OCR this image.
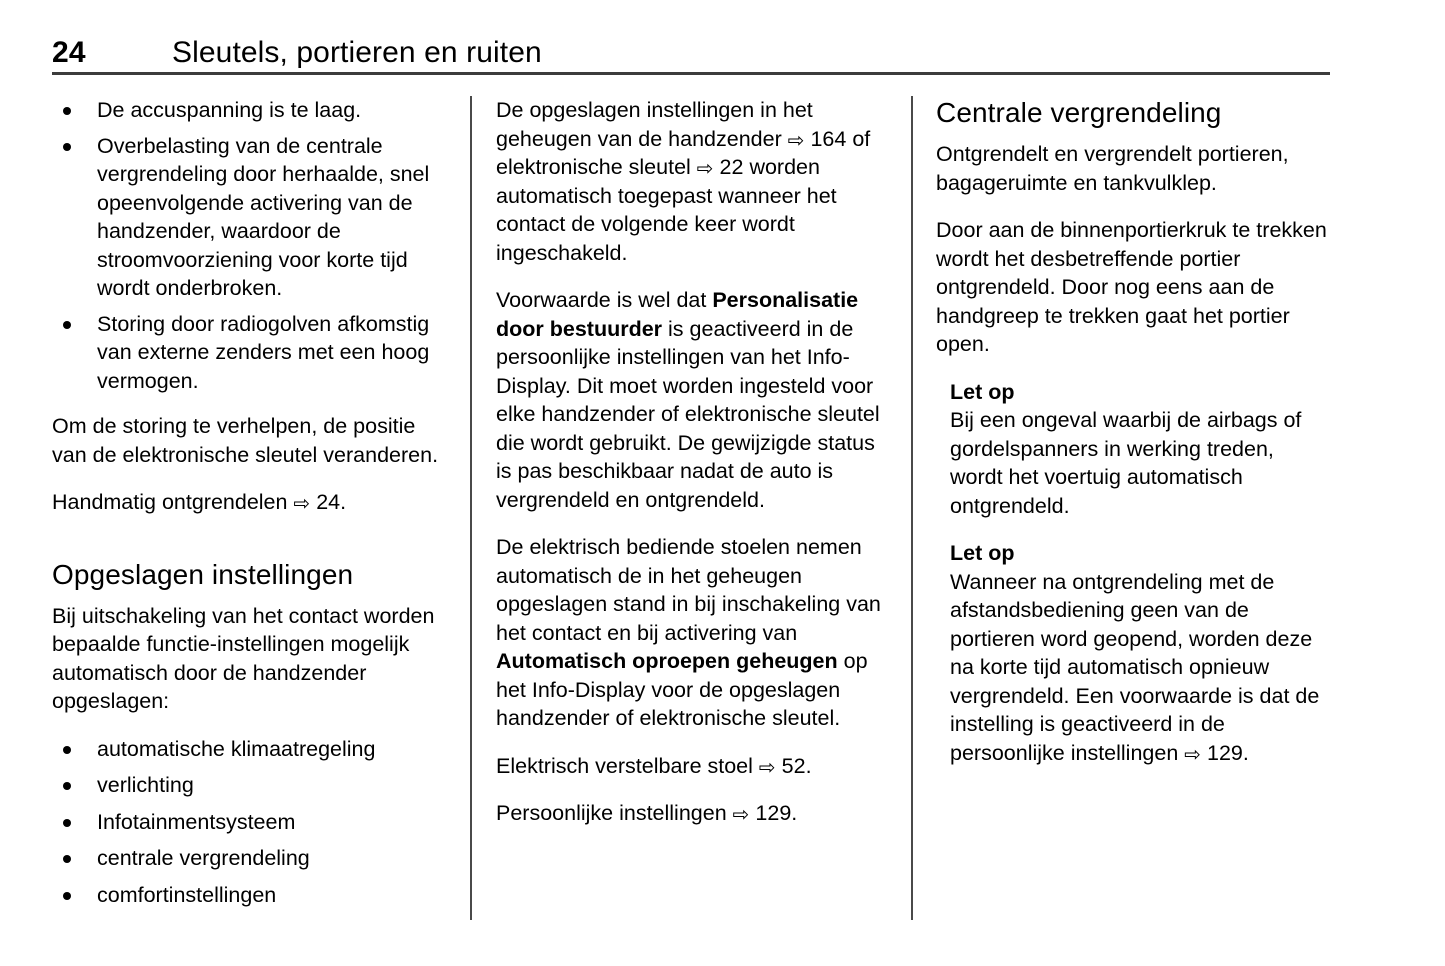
24	Sleutels, portieren en ruiten
De accuspanning is te laag.
Overbelasting van de centrale vergrendeling door herhaalde, snel opeenvolgende activering van de handzender, waardoor de stroomvoorziening voor korte tijd wordt onderbroken.
Storing door radiogolven afkomstig van externe zenders met een hoog vermogen.

Om de storing te verhelpen, de positie van de elektronische sleutel veranderen.

Handmatig ontgrendelen ⇨ 24.

Opgeslagen instellingen

Bij uitschakeling van het contact worden bepaalde functie-instellingen mogelijk automatisch door de handzender opgeslagen:

automatische klimaatregeling
verlichting
Infotainmentsysteem
centrale vergrendeling
comfortinstellingen

De opgeslagen instellingen in het geheugen van de handzender ⇨ 164 of elektronische sleutel ⇨ 22 worden automatisch toegepast wanneer het contact de volgende keer wordt ingeschakeld.

Voorwaarde is wel dat Personalisatie door bestuurder is geactiveerd in de persoonlijke instellingen van het Info-Display. Dit moet worden ingesteld voor elke handzender of elektronische sleutel die wordt gebruikt. De gewijzigde status is pas beschikbaar nadat de auto is vergrendeld en ontgrendeld.

De elektrisch bediende stoelen nemen automatisch de in het geheugen opgeslagen stand in bij inschakeling van het contact en bij activering van Automatisch oproepen geheugen op het Info-Display voor de opgeslagen handzender of elektronische sleutel.

Elektrisch verstelbare stoel ⇨ 52.

Persoonlijke instellingen ⇨ 129.

Centrale vergrendeling

Ontgrendelt en vergrendelt portieren, bagageruimte en tankvulklep.

Door aan de binnenportierkruk te trekken wordt het desbetreffende portier ontgrendeld. Door nog eens aan de handgreep te trekken gaat het portier open.

Let op
Bij een ongeval waarbij de airbags of gordelspanners in werking treden, wordt het voertuig automatisch ontgrendeld.
Let op
Wanneer na ontgrendeling met de afstandsbediening geen van de portieren word geopend, worden deze na korte tijd automatisch opnieuw vergrendeld. Een voorwaarde is dat de instelling is geactiveerd in de persoonlijke instellingen ⇨ 129.
